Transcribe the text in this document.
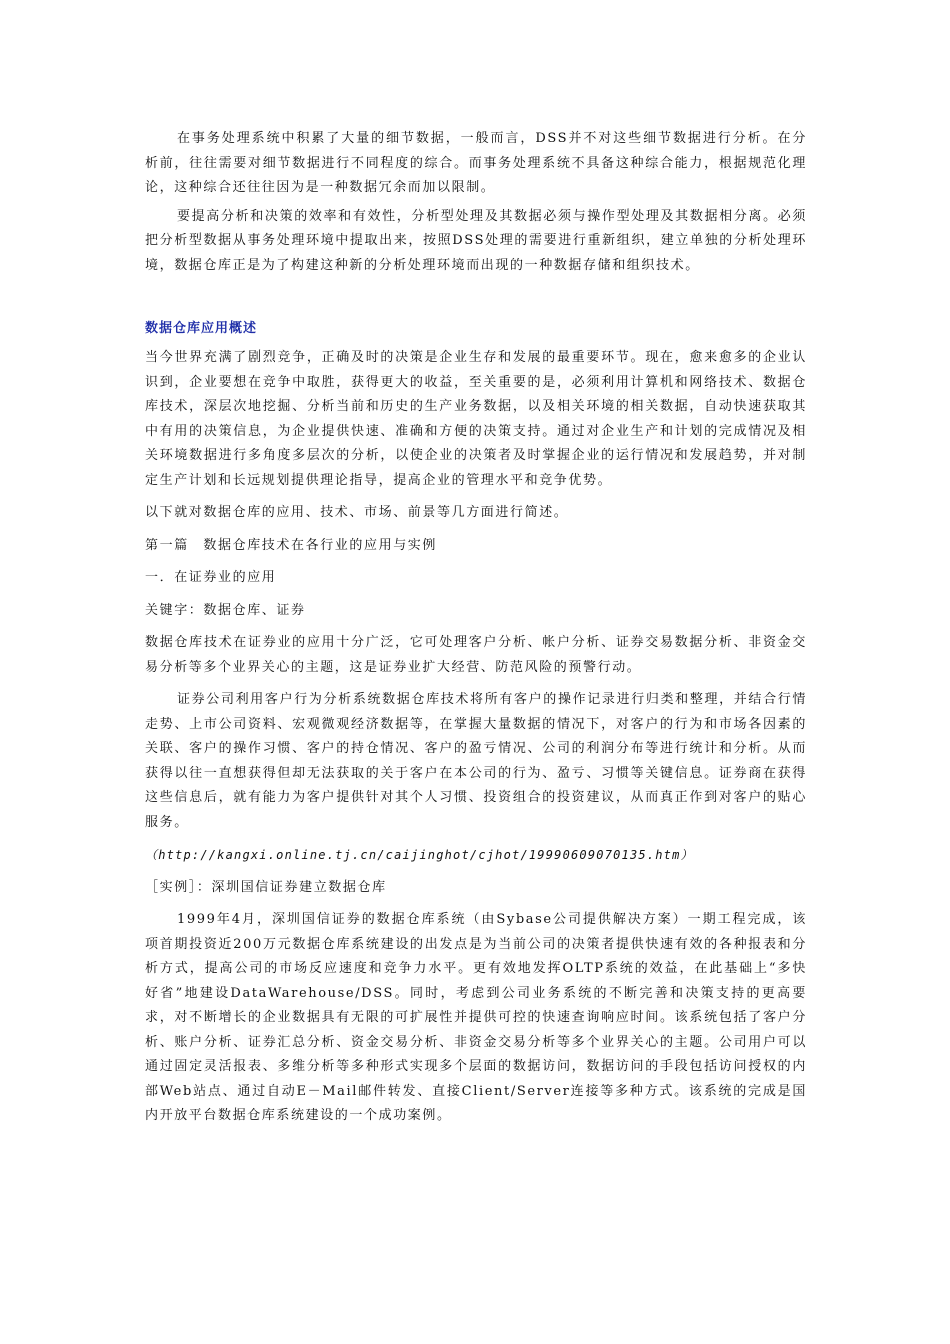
在事务处理系统中积累了大量的细节数据，一般而言，DSS并不对这些细节数据进行分析。在分析前，往往需要对细节数据进行不同程度的综合。而事务处理系统不具备这种综合能力，根据规范化理论，这种综合还往往因为是一种数据冗余而加以限制。

要提高分析和决策的效率和有效性，分析型处理及其数据必须与操作型处理及其数据相分离。必须把分析型数据从事务处理环境中提取出来，按照DSS处理的需要进行重新组织，建立单独的分析处理环境，数据仓库正是为了构建这种新的分析处理环境而出现的一种数据存储和组织技术。

数据仓库应用概述

当今世界充满了剧烈竞争，正确及时的决策是企业生存和发展的最重要环节。现在，愈来愈多的企业认识到，企业要想在竞争中取胜，获得更大的收益，至关重要的是，必须利用计算机和网络技术、数据仓库技术，深层次地挖掘、分析当前和历史的生产业务数据，以及相关环境的相关数据，自动快速获取其中有用的决策信息，为企业提供快速、准确和方便的决策支持。通过对企业生产和计划的完成情况及相关环境数据进行多角度多层次的分析，以使企业的决策者及时掌握企业的运行情况和发展趋势，并对制定生产计划和长远规划提供理论指导，提高企业的管理水平和竞争优势。

以下就对数据仓库的应用、技术、市场、前景等几方面进行简述。

第一篇　数据仓库技术在各行业的应用与实例

一．在证券业的应用

关键字：数据仓库、证券

数据仓库技术在证券业的应用十分广泛，它可处理客户分析、帐户分析、证券交易数据分析、非资金交易分析等多个业界关心的主题，这是证券业扩大经营、防范风险的预警行动。

证券公司利用客户行为分析系统数据仓库技术将所有客户的操作记录进行归类和整理，并结合行情走势、上市公司资料、宏观微观经济数据等，在掌握大量数据的情况下，对客户的行为和市场各因素的关联、客户的操作习惯、客户的持仓情况、客户的盈亏情况、公司的利润分布等进行统计和分析。从而获得以往一直想获得但却无法获取的关于客户在本公司的行为、盈亏、习惯等关键信息。证券商在获得这些信息后，就有能力为客户提供针对其个人习惯、投资组合的投资建议，从而真正作到对客户的贴心服务。

（http://kangxi.online.tj.cn/caijinghot/cjhot/19990609070135.htm）

［实例］：深圳国信证券建立数据仓库

1999年4月，深圳国信证券的数据仓库系统（由Sybase公司提供解决方案）一期工程完成，该项首期投资近200万元数据仓库系统建设的出发点是为当前公司的决策者提供快速有效的各种报表和分析方式，提高公司的市场反应速度和竞争力水平。更有效地发挥OLTP系统的效益，在此基础上“多快好省”地建设DataWarehouse/DSS。同时，考虑到公司业务系统的不断完善和决策支持的更高要求，对不断增长的企业数据具有无限的可扩展性并提供可控的快速查询响应时间。该系统包括了客户分析、账户分析、证券汇总分析、资金交易分析、非资金交易分析等多个业界关心的主题。公司用户可以通过固定灵活报表、多维分析等多种形式实现多个层面的数据访问，数据访问的手段包括访问授权的内部Web站点、通过自动E－Mail邮件转发、直接Client/Server连接等多种方式。该系统的完成是国内开放平台数据仓库系统建设的一个成功案例。
